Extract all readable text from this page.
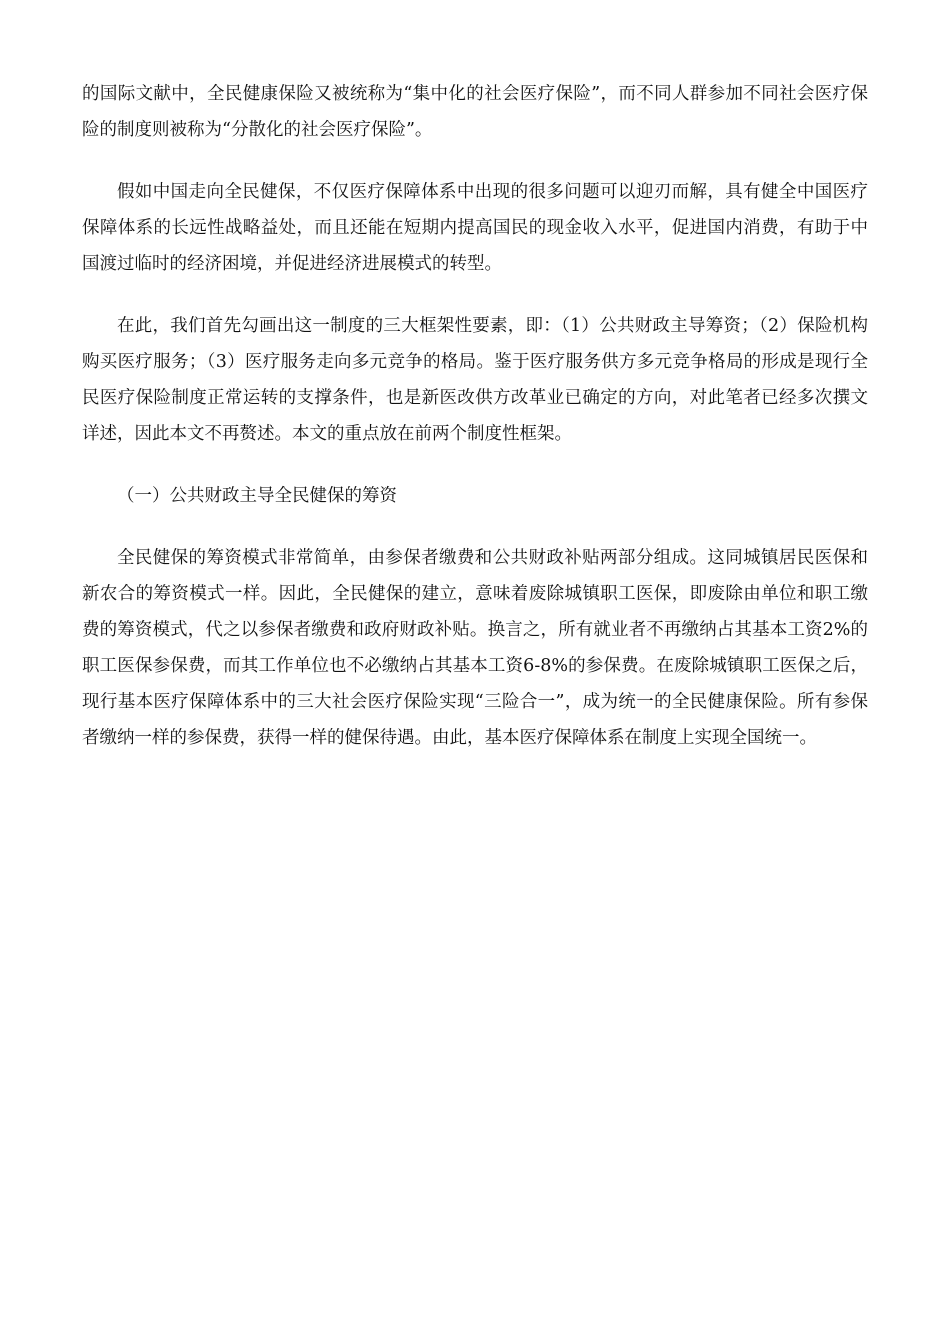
的国际文献中，全民健康保险又被统称为“集中化的社会医疗保险”，而不同人群参加不同社会医疗保险的制度则被称为“分散化的社会医疗保险”。

假如中国走向全民健保，不仅医疗保障体系中出现的很多问题可以迎刃而解，具有健全中国医疗保障体系的长远性战略益处，而且还能在短期内提高国民的现金收入水平，促进国内消费，有助于中国渡过临时的经济困境，并促进经济进展模式的转型。

在此，我们首先勾画出这一制度的三大框架性要素，即：（1）公共财政主导筹资；（2）保险机构购买医疗服务；（3）医疗服务走向多元竞争的格局。鉴于医疗服务供方多元竞争格局的形成是现行全民医疗保险制度正常运转的支撑条件，也是新医改供方改革业已确定的方向，对此笔者已经多次撰文详述，因此本文不再赘述。本文的重点放在前两个制度性框架。

（一）公共财政主导全民健保的筹资

全民健保的筹资模式非常简单，由参保者缴费和公共财政补贴两部分组成。这同城镇居民医保和新农合的筹资模式一样。因此，全民健保的建立，意味着废除城镇职工医保，即废除由单位和职工缴费的筹资模式，代之以参保者缴费和政府财政补贴。换言之，所有就业者不再缴纳占其基本工资2%的职工医保参保费，而其工作单位也不必缴纳占其基本工资6-8%的参保费。在废除城镇职工医保之后，现行基本医疗保障体系中的三大社会医疗保险实现“三险合一”，成为统一的全民健康保险。所有参保者缴纳一样的参保费，获得一样的健保待遇。由此，基本医疗保障体系在制度上实现全国统一。
